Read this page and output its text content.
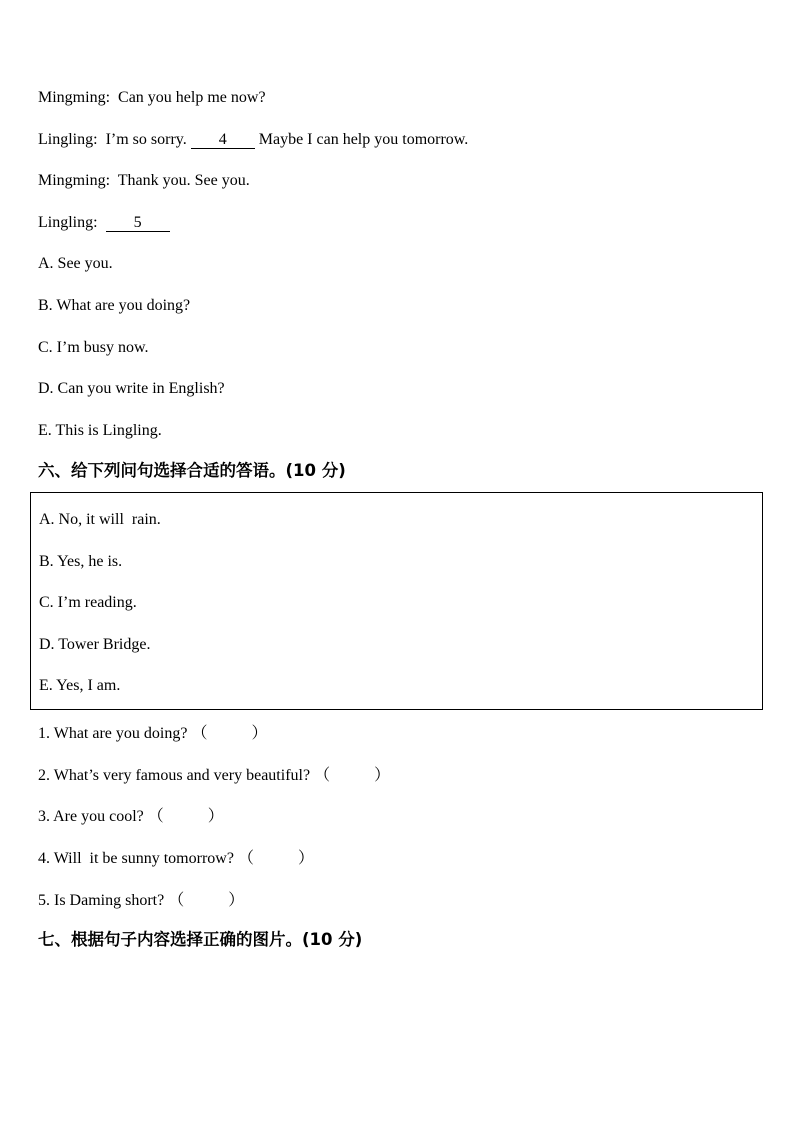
Mingming: Can you help me now?
Lingling: I’m so sorry. 4 Maybe I can help you tomorrow.
Mingming: Thank you. See you.
Lingling: 5
A. See you.
B. What are you doing?
C. I’m busy now.
D. Can you write in English?
E. This is Lingling.
六、给下列问句选择合适的答语。(10 分)
A. No, it will  rain.
B. Yes, he is.
C. I’m reading.
D. Tower Bridge.
E. Yes, I am.
1. What are you doing? （	）
2. What’s very famous and very beautiful? （	）
3. Are you cool? （	）
4. Will  it be sunny tomorrow? （	）
5. Is Daming short? （	）
七、根据句子内容选择正确的图片。(10 分)
